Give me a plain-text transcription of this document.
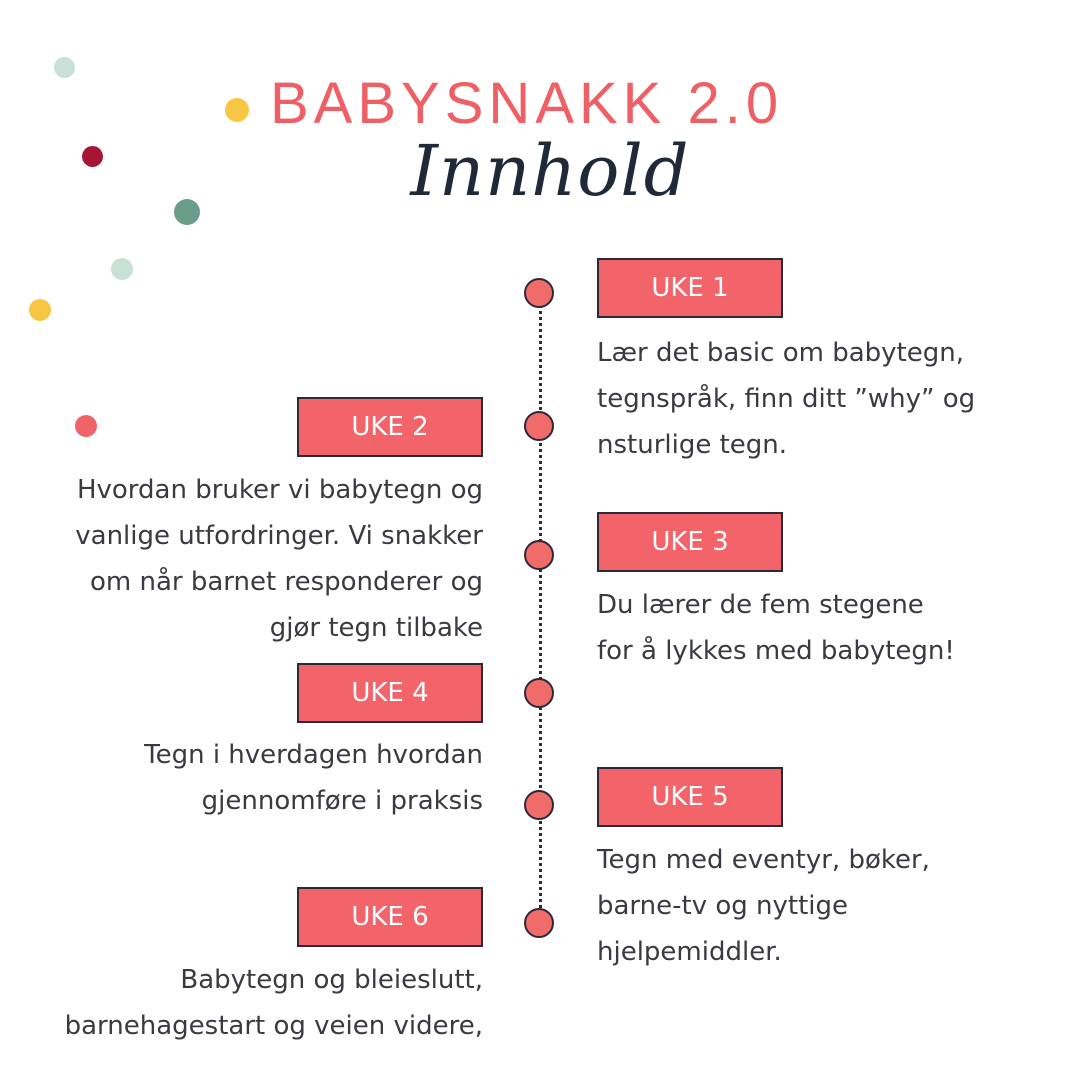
BABYSNAKK 2.0
Innhold
UKE 1
Lær det basic om babytegn,
tegnspråk, finn ditt ”why” og
nsturlige tegn.
UKE 2
Hvordan bruker vi babytegn og
vanlige utfordringer. Vi snakker
om når barnet responderer og
gjør tegn tilbake
UKE 3
Du lærer de fem stegene
for å lykkes med babytegn!
UKE 4
Tegn i hverdagen hvordan
gjennomføre i praksis	UKE 5
Tegn med eventyr, bøker,
barne-tv og nyttige
hjelpemiddler.
UKE 6
Babytegn og bleieslutt,
barnehagestart og veien videre,
